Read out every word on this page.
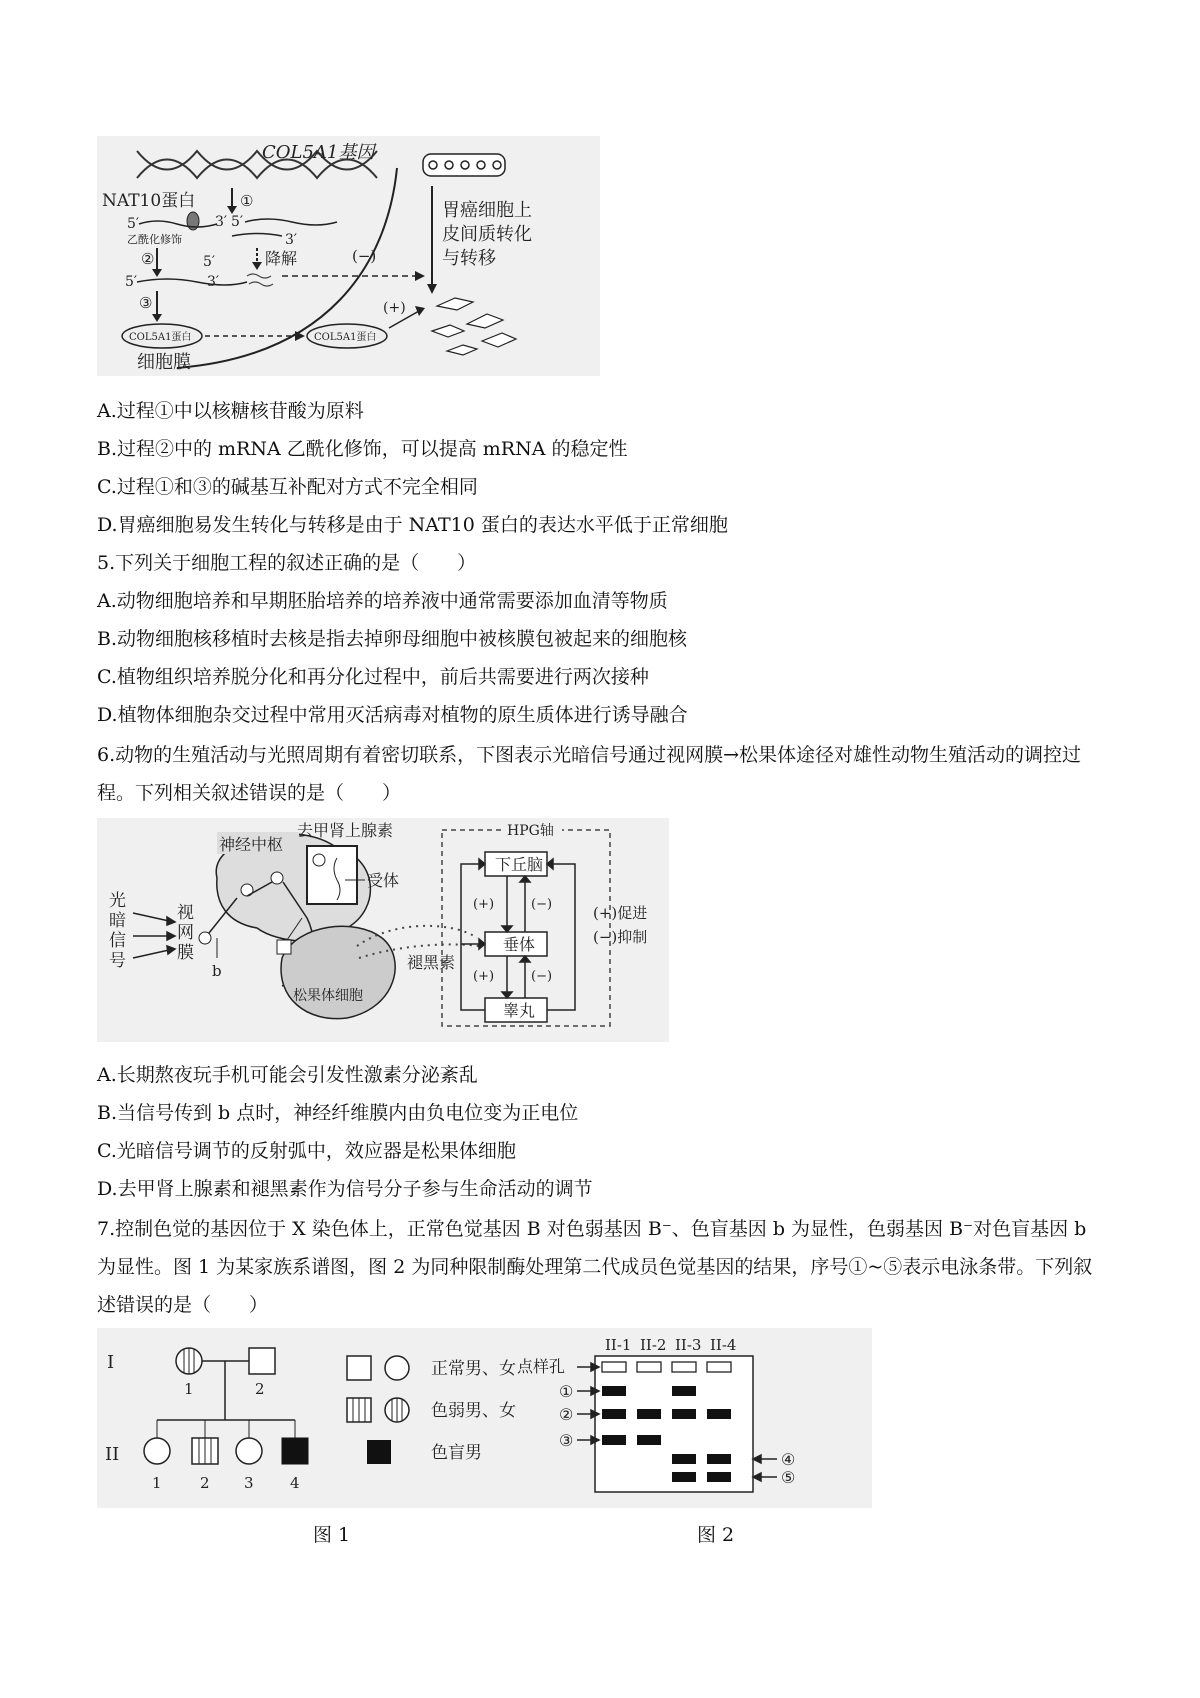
COL5A1基因
NAT10蛋白	①
5′	3′ 5′
3′
乙酰化修饰
②	5′	降解
5′	3′
③
COL5A1蛋白	COL5A1蛋白
细胞膜
(−)
(+)
胃癌细胞上
皮间质转化
与转移
A.过程①中以核糖核苷酸为原料
B.过程②中的 mRNA 乙酰化修饰，可以提高 mRNA 的稳定性
C.过程①和③的碱基互补配对方式不完全相同
D.胃癌细胞易发生转化与转移是由于 NAT10 蛋白的表达水平低于正常细胞
5.下列关于细胞工程的叙述正确的是（　　）
A.动物细胞培养和早期胚胎培养的培养液中通常需要添加血清等物质
B.动物细胞核移植时去核是指去掉卵母细胞中被核膜包被起来的细胞核
C.植物组织培养脱分化和再分化过程中，前后共需要进行两次接种
D.植物体细胞杂交过程中常用灭活病毒对植物的原生质体进行诱导融合
6.动物的生殖活动与光照周期有着密切联系，下图表示光暗信号通过视网膜→松果体途径对雄性动物生殖活动的调控过程。下列相关叙述错误的是（　　）
光
暗
信
号
视
网
膜
神经中枢
b
去甲肾上腺素
受体
松果体细胞
褪黑素
HPG轴
下丘脑
垂体
睾丸
(+)	(−)
(+)	(−)
(+)促进
(−)抑制
A.长期熬夜玩手机可能会引发性激素分泌紊乱
B.当信号传到 b 点时，神经纤维膜内由负电位变为正电位
C.光暗信号调节的反射弧中，效应器是松果体细胞
D.去甲肾上腺素和褪黑素作为信号分子参与生命活动的调节
7.控制色觉的基因位于 X 染色体上，正常色觉基因 B 对色弱基因 B⁻、色盲基因 b 为显性，色弱基因 B⁻对色盲基因 b 为显性。图 1 为某家族系谱图，图 2 为同种限制酶处理第二代成员色觉基因的结果，序号①~⑤表示电泳条带。下列叙述错误的是（　　）
I
II
1	2
1	2 3 4
正常男、女
色弱男、女
色盲男
II-1 II-2 II-3 II-4
点样孔
①
②
③
④
⑤
图 1	图 2
